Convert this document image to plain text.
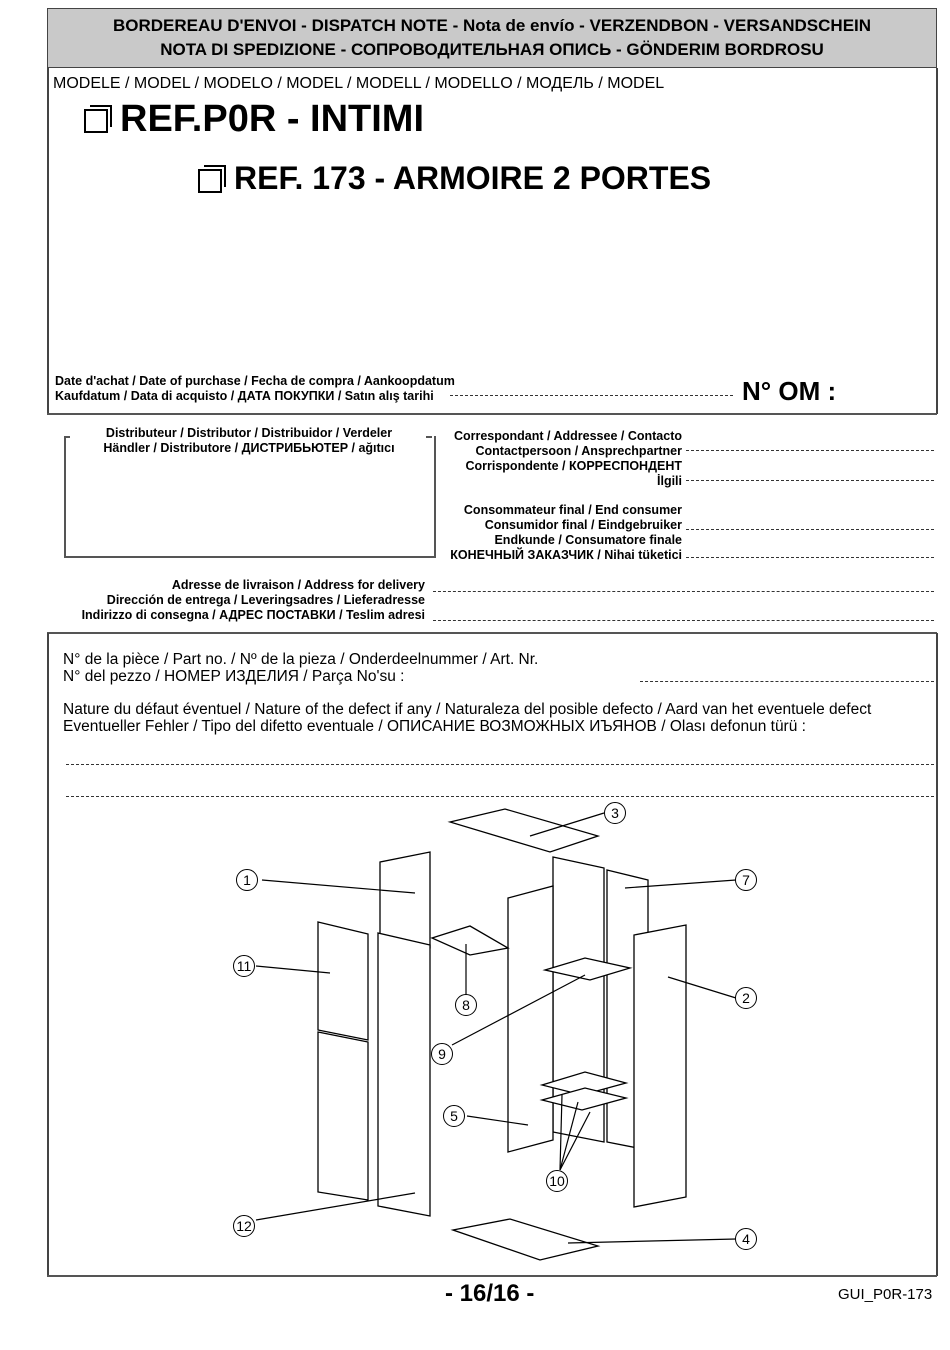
BORDEREAU D'ENVOI - DISPATCH NOTE - Nota de envío - VERZENDBON - VERSANDSCHEIN
NOTA DI SPEDIZIONE - СОПРОВОДИТЕЛЬНАЯ ОПИСЬ - GÖNDERIM BORDROSU
MODELE / MODEL / MODELO / MODEL / MODELL / MODELLO / МОДЕЛЬ / MODEL
REF.P0R - INTIMI
REF. 173 - ARMOIRE 2 PORTES
Date d'achat / Date of purchase / Fecha de compra / Aankoopdatum
Kaufdatum / Data di acquisto / ДАТА ПОКУПКИ / Satın alış tarihi	N° OM :
Distributeur / Distributor / Distribuidor / Verdeler
Händler / Distributore / ДИСТРИБЬЮТЕР / ağıtıcı
Correspondant / Addressee / Contacto
Contactpersoon / Ansprechpartner
Corrispondente / КОРРЕСПОНДЕНТ
İlgili
Consommateur final / End consumer
Consumidor final / Eindgebruiker
Endkunde / Consumatore finale
КОНЕЧНЫЙ ЗАКАЗЧИК / Nihai tüketici
Adresse de livraison / Address for delivery
Dirección de entrega / Leveringsadres / Lieferadresse
Indirizzo di consegna / АДРЕС ПОСТАВКИ / Teslim adresi
N° de la pièce / Part no. / Nº de la pieza / Onderdeelnummer / Art. Nr.
N° del pezzo / НОМЕР ИЗДЕЛИЯ / Parça No'su :
Nature du défaut éventuel / Nature of the defect if any / Naturaleza del posible defecto / Aard van het eventuele defect
Eventueller Fehler / Tipo del difetto eventuale / ОПИСАНИЕ ВОЗМОЖНЫХ ИЪЯНОВ / Olası defonun türü :
1
2
3
4
5
7
8
9
10
11
12
- 16/16 -	GUI_P0R-173
